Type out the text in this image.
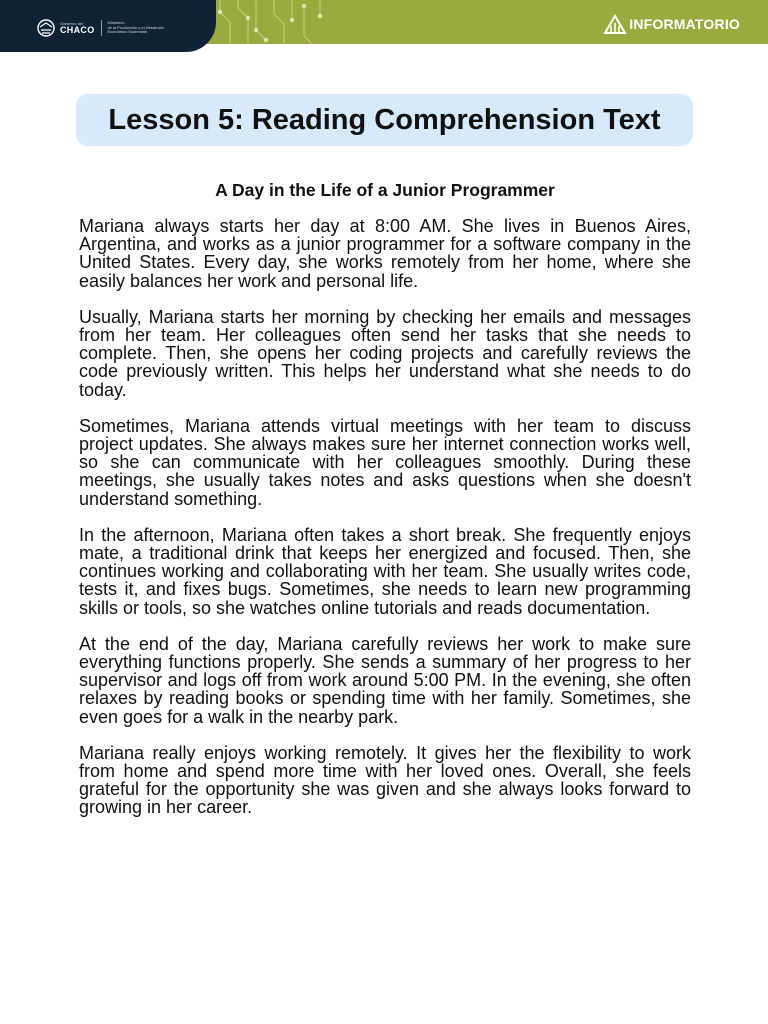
INFORMATORIO
Gobierno del
CHACO
Ministerio
de la Producción y el Desarrollo
Económico Sostenible
Lesson 5: Reading Comprehension Text
A Day in the Life of a Junior Programmer

Mariana always starts her day at 8:00 AM. She lives in Buenos Aires, Argentina, and works as a junior programmer for a software company in the United States. Every day, she works remotely from her home, where she easily balances her work and personal life.

Usually, Mariana starts her morning by checking her emails and messages from her team. Her colleagues often send her tasks that she needs to complete. Then, she opens her coding projects and carefully reviews the code previously written. This helps her understand what she needs to do today.

Sometimes, Mariana attends virtual meetings with her team to discuss project updates. She always makes sure her internet connection works well, so she can communicate with her colleagues smoothly. During these meetings, she usually takes notes and asks questions when she doesn't understand something.

In the afternoon, Mariana often takes a short break. She frequently enjoys mate, a traditional drink that keeps her energized and focused. Then, she continues working and collaborating with her team. She usually writes code, tests it, and fixes bugs. Sometimes, she needs to learn new programming skills or tools, so she watches online tutorials and reads documentation.

At the end of the day, Mariana carefully reviews her work to make sure everything functions properly. She sends a summary of her progress to her supervisor and logs off from work around 5:00 PM. In the evening, she often relaxes by reading books or spending time with her family. Sometimes, she even goes for a walk in the nearby park.

Mariana really enjoys working remotely. It gives her the flexibility to work from home and spend more time with her loved ones. Overall, she feels grateful for the opportunity she was given and she always looks forward to growing in her career.
